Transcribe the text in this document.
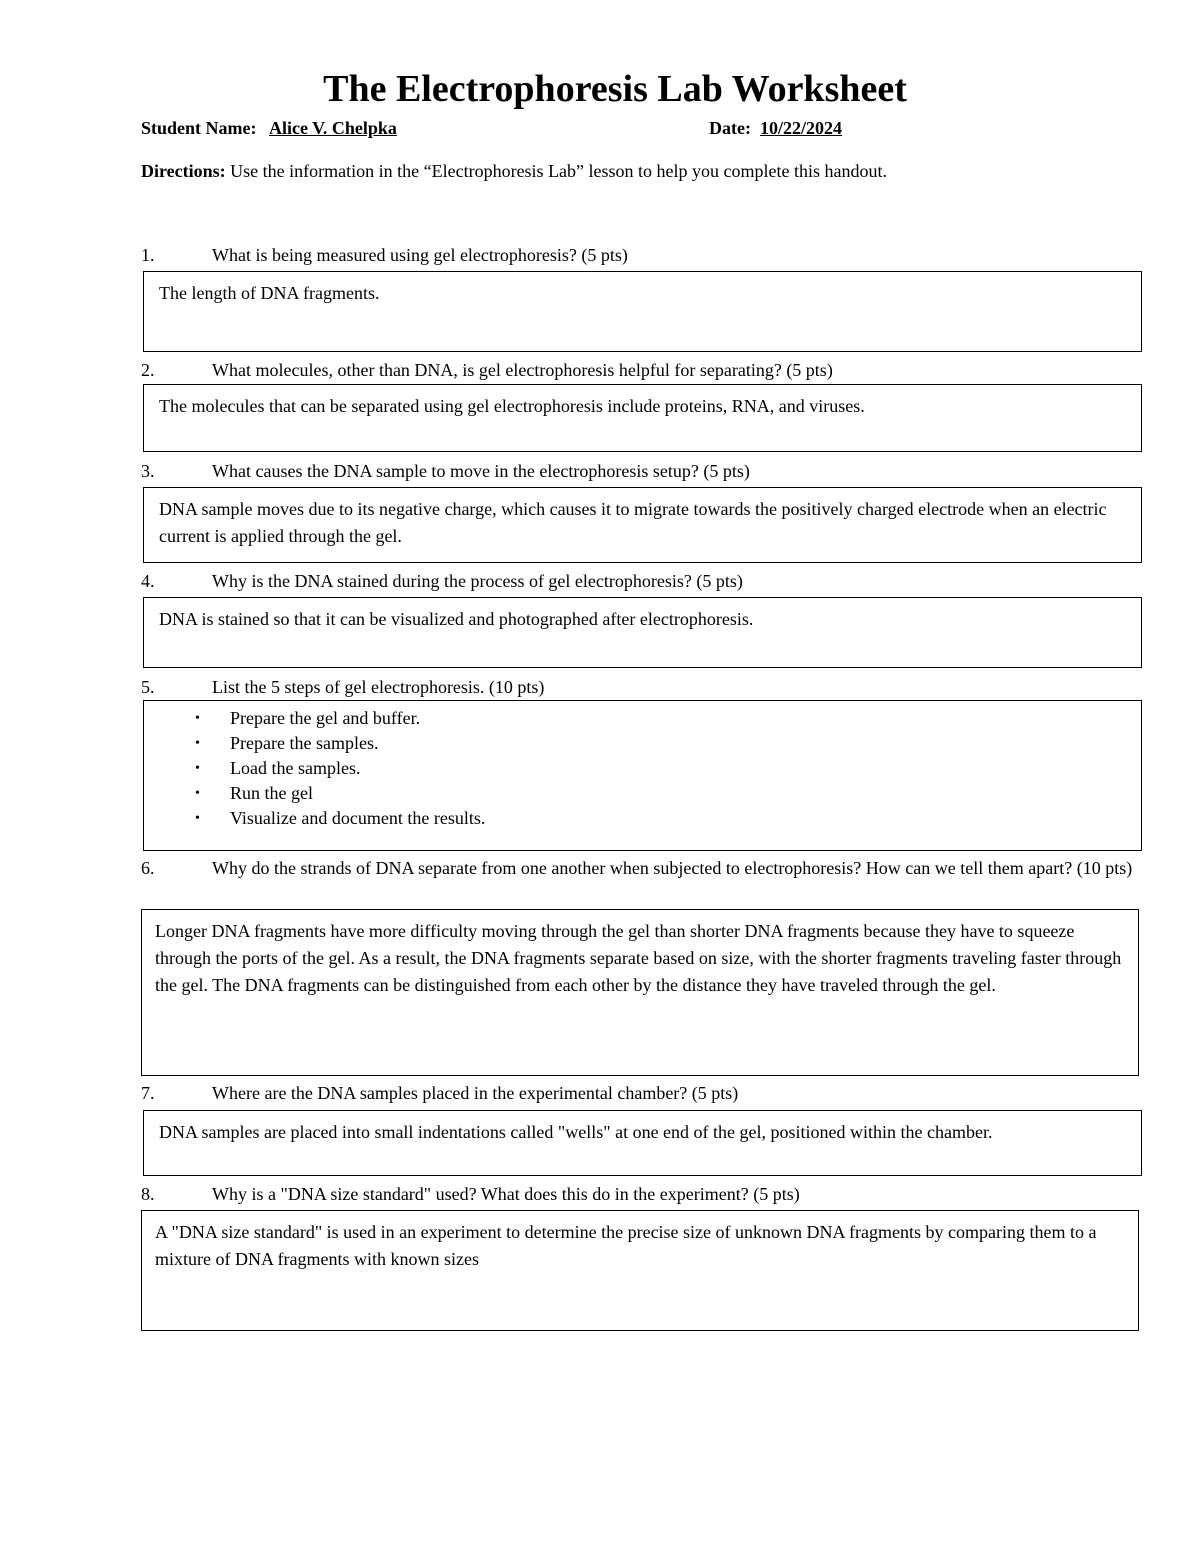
The Electrophoresis Lab Worksheet
Student Name: Alice V. Chelpka	Date: 10/22/2024
Directions: Use the information in the “Electrophoresis Lab” lesson to help you complete this handout.
1.	What is being measured using gel electrophoresis? (5 pts)
The length of DNA fragments.
2.	What molecules, other than DNA, is gel electrophoresis helpful for separating? (5 pts)
The molecules that can be separated using gel electrophoresis include proteins, RNA, and viruses.
3.	What causes the DNA sample to move in the electrophoresis setup? (5 pts)
DNA sample moves due to its negative charge, which causes it to migrate towards the positively charged electrode when an electric current is applied through the gel.
4.	Why is the DNA stained during the process of gel electrophoresis? (5 pts)
DNA is stained so that it can be visualized and photographed after electrophoresis.
5.	List the 5 steps of gel electrophoresis. (10 pts)
• Prepare the gel and buffer.
• Prepare the samples.
• Load the samples.
• Run the gel
• Visualize and document the results.
6.	Why do the strands of DNA separate from one another when subjected to electrophoresis? How can we tell them apart? (10 pts)
Longer DNA fragments have more difficulty moving through the gel than shorter DNA fragments because they have to squeeze through the ports of the gel. As a result, the DNA fragments separate based on size, with the shorter fragments traveling faster through the gel. The DNA fragments can be distinguished from each other by the distance they have traveled through the gel.
7.	Where are the DNA samples placed in the experimental chamber? (5 pts)
DNA samples are placed into small indentations called "wells" at one end of the gel, positioned within the chamber.
8.	Why is a "DNA size standard" used? What does this do in the experiment? (5 pts)
A "DNA size standard" is used in an experiment to determine the precise size of unknown DNA fragments by comparing them to a mixture of DNA fragments with known sizes
